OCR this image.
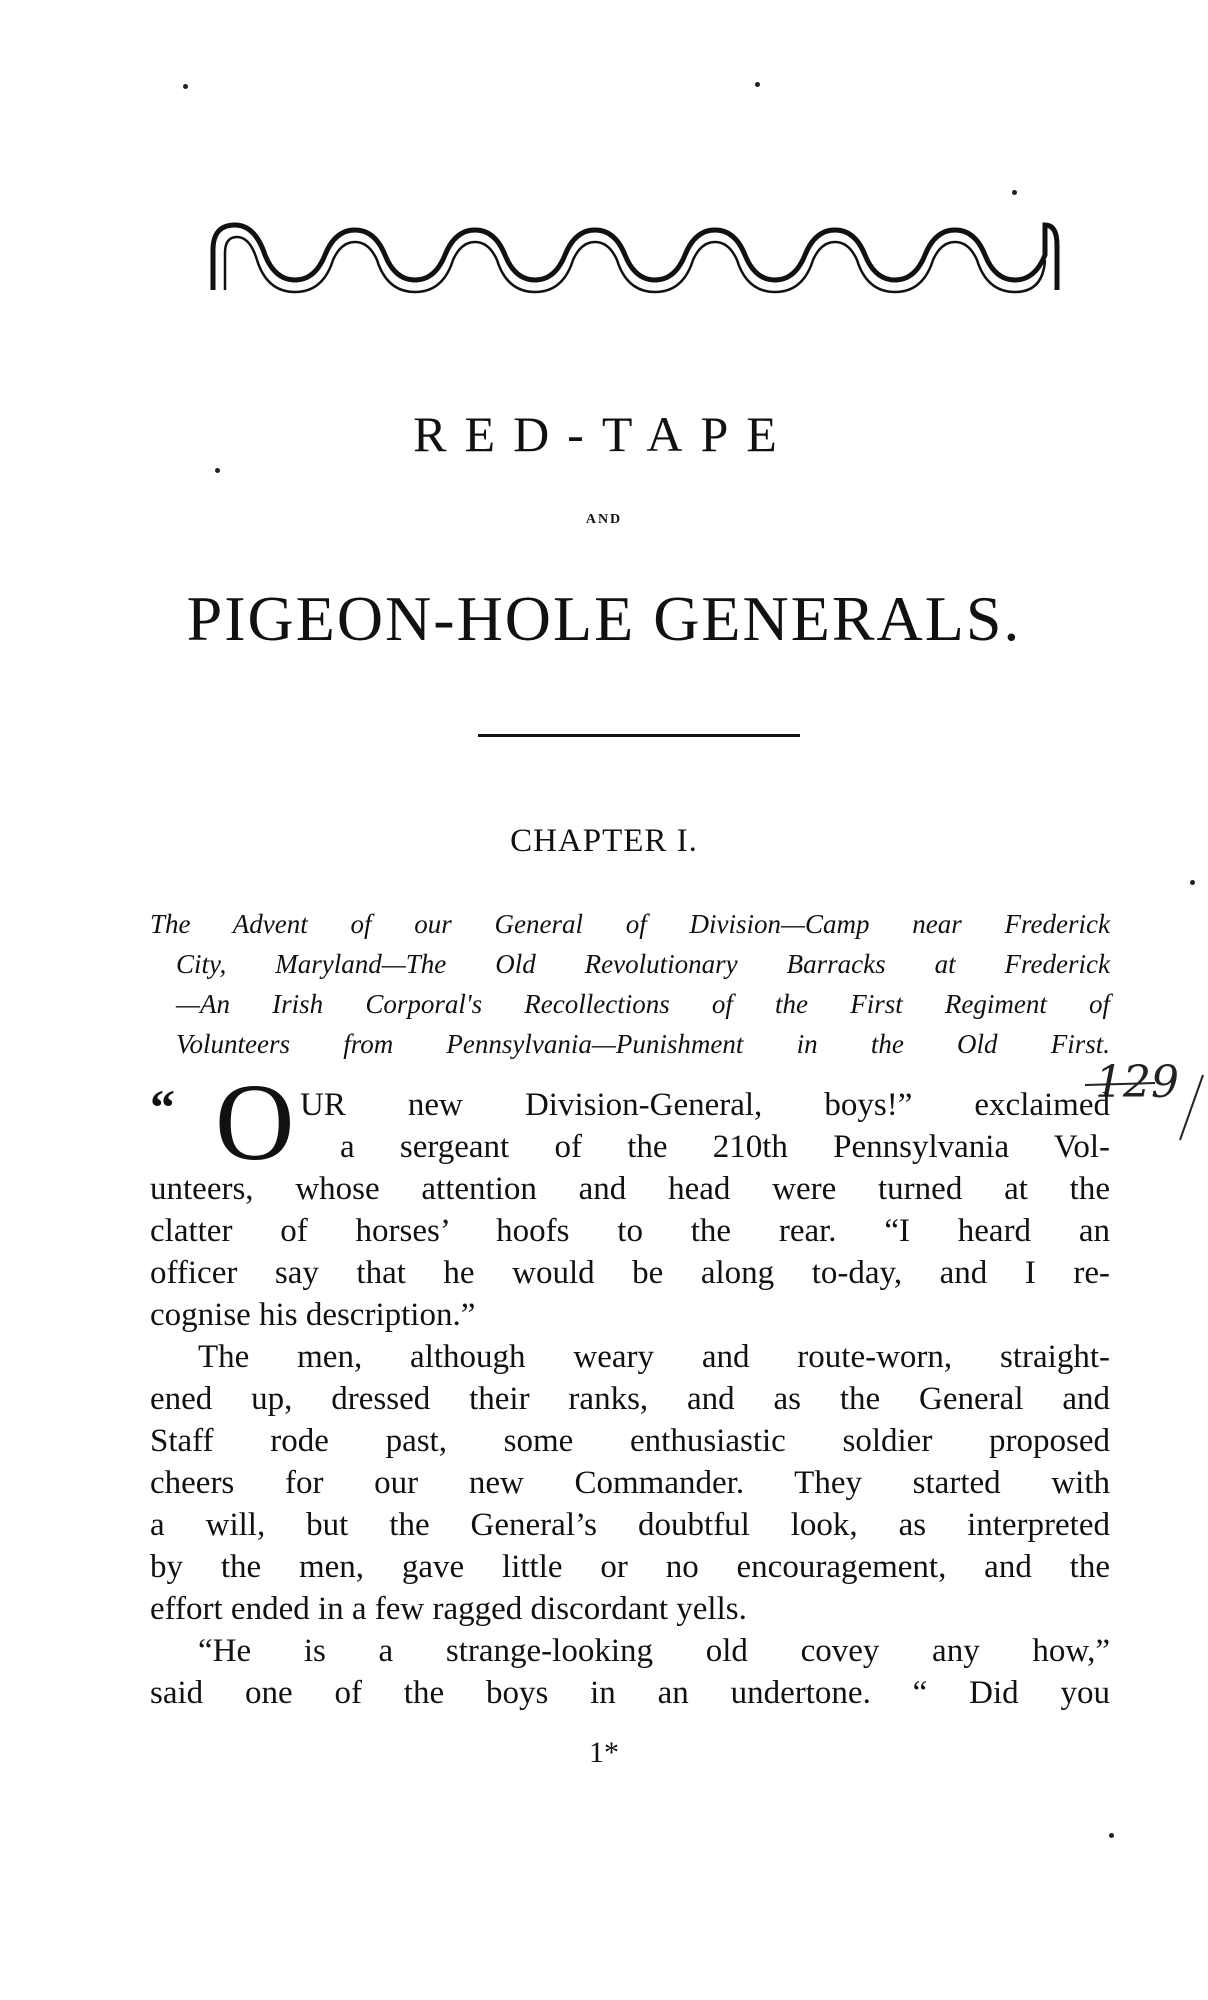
RED-TAPE
AND
PIGEON-HOLE GENERALS.
CHAPTER I.
The Advent of our General of Division—Camp near Frederick
City, Maryland—The Old Revolutionary Barracks at Frederick
—An Irish Corporal's Recollections of the First Regiment of
Volunteers from Pennsylvania—Punishment in the Old First.
129
“ O UR new Division-General, boys!” exclaimed
a sergeant of the 210th Pennsylvania Vol-
unteers, whose attention and head were turned at the
clatter of horses’ hoofs to the rear. “I heard an
officer say that he would be along to-day, and I re-
cognise his description.”
The men, although weary and route-worn, straight-
ened up, dressed their ranks, and as the General and
Staff rode past, some enthusiastic soldier proposed
cheers for our new Commander. They started with
a will, but the General’s doubtful look, as interpreted
by the men, gave little or no encouragement, and the
effort ended in a few ragged discordant yells.
“He is a strange-looking old covey any how,”
said one of the boys in an undertone. “ Did you
1*
